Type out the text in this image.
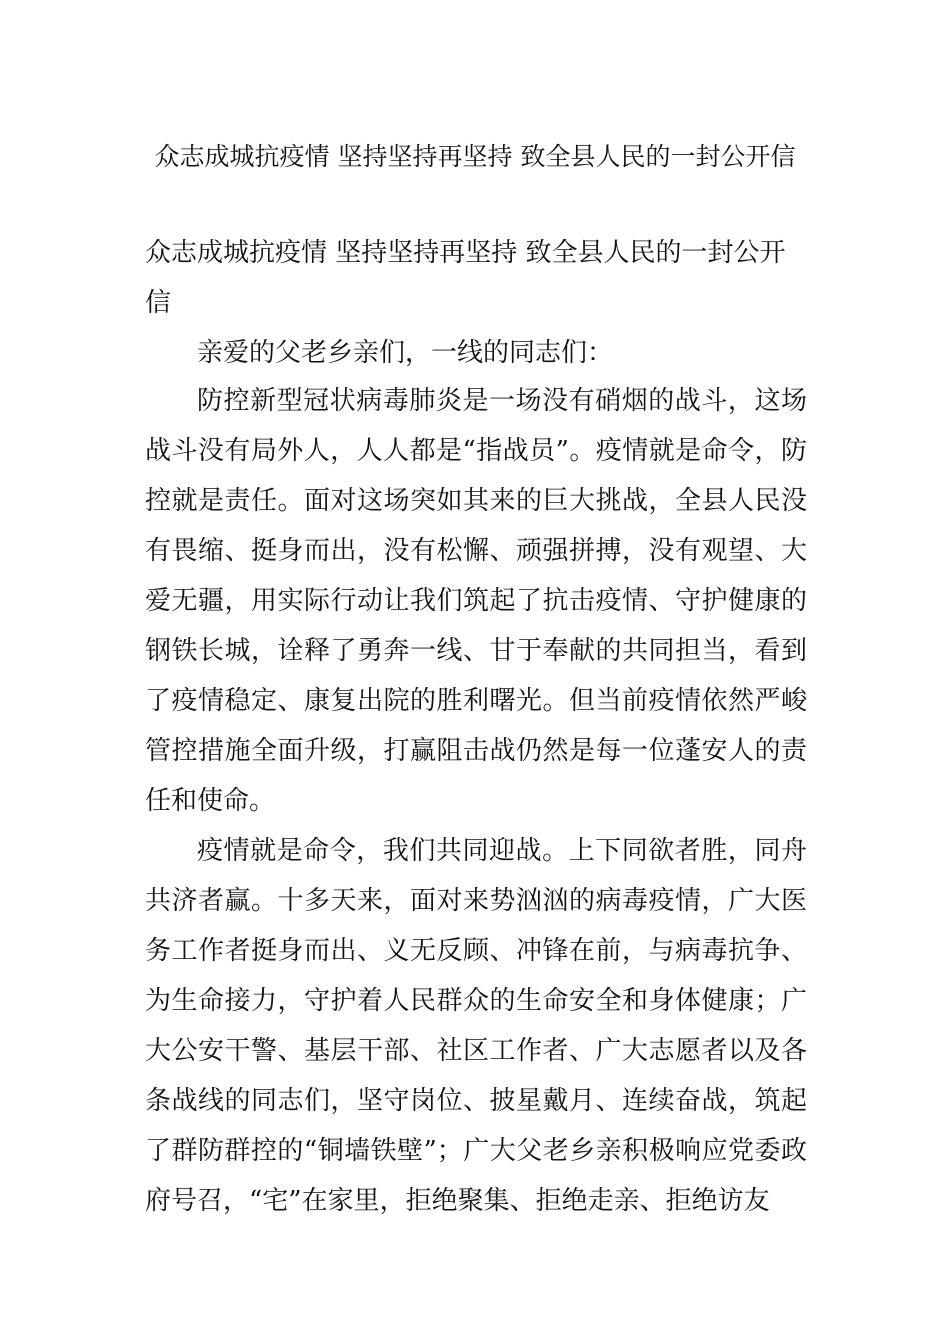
众志成城抗疫情 坚持坚持再坚持 致全县人民的一封公开信
众志成城抗疫情 坚持坚持再坚持 致全县人民的一封公开信

亲爱的父老乡亲们，一线的同志们：

防控新型冠状病毒肺炎是一场没有硝烟的战斗，这场战斗没有局外人，人人都是“指战员”。疫情就是命令，防控就是责任。面对这场突如其来的巨大挑战，全县人民没有畏缩、挺身而出，没有松懈、顽强拼搏，没有观望、大爱无疆，用实际行动让我们筑起了抗击疫情、守护健康的钢铁长城，诠释了勇奔一线、甘于奉献的共同担当，看到了疫情稳定、康复出院的胜利曙光。但当前疫情依然严峻管控措施全面升级，打赢阻击战仍然是每一位蓬安人的责任和使命。

疫情就是命令，我们共同迎战。上下同欲者胜，同舟共济者赢。十多天来，面对来势汹汹的病毒疫情，广大医务工作者挺身而出、义无反顾、冲锋在前，与病毒抗争、为生命接力，守护着人民群众的生命安全和身体健康；广大公安干警、基层干部、社区工作者、广大志愿者以及各条战线的同志们，坚守岗位、披星戴月、连续奋战，筑起了群防群控的“铜墙铁壁”；广大父老乡亲积极响应党委政府号召，“宅”在家里，拒绝聚集、拒绝走亲、拒绝访友
